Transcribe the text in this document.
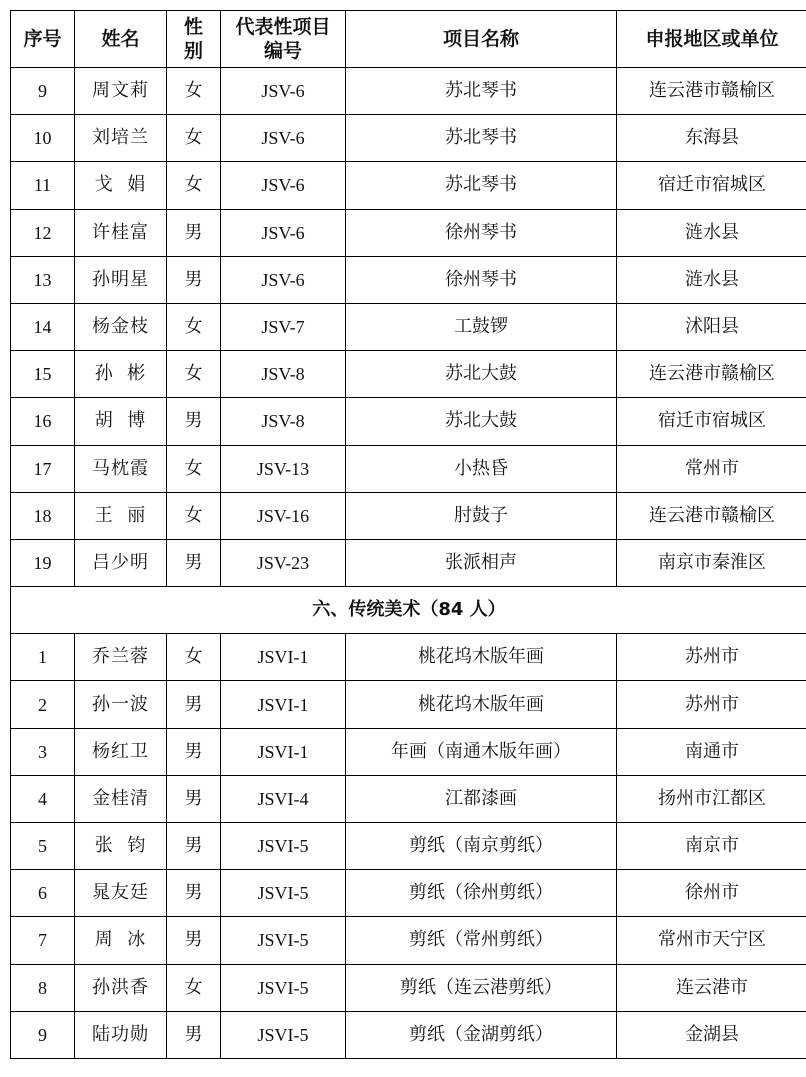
序号	姓名	性别	代表性项目编号	项目名称	申报地区或单位
9	周文莉	女	JSV-6	苏北琴书	连云港市赣榆区
10	刘培兰	女	JSV-6	苏北琴书	东海县
11	戈  娟	女	JSV-6	苏北琴书	宿迁市宿城区
12	许桂富	男	JSV-6	徐州琴书	涟水县
13	孙明星	男	JSV-6	徐州琴书	涟水县
14	杨金枝	女	JSV-7	工鼓锣	沭阳县
15	孙  彬	女	JSV-8	苏北大鼓	连云港市赣榆区
16	胡  博	男	JSV-8	苏北大鼓	宿迁市宿城区
17	马枕霞	女	JSV-13	小热昏	常州市
18	王  丽	女	JSV-16	肘鼓子	连云港市赣榆区
19	吕少明	男	JSV-23	张派相声	南京市秦淮区
六、传统美术（84 人）					
1	乔兰蓉	女	JSVI-1	桃花坞木版年画	苏州市
2	孙一波	男	JSVI-1	桃花坞木版年画	苏州市
3	杨红卫	男	JSVI-1	年画（南通木版年画）	南通市
4	金桂清	男	JSVI-4	江都漆画	扬州市江都区
5	张  钧	男	JSVI-5	剪纸（南京剪纸）	南京市
6	晁友廷	男	JSVI-5	剪纸（徐州剪纸）	徐州市
7	周  冰	男	JSVI-5	剪纸（常州剪纸）	常州市天宁区
8	孙洪香	女	JSVI-5	剪纸（连云港剪纸）	连云港市
9	陆功勋	男	JSVI-5	剪纸（金湖剪纸）	金湖县
